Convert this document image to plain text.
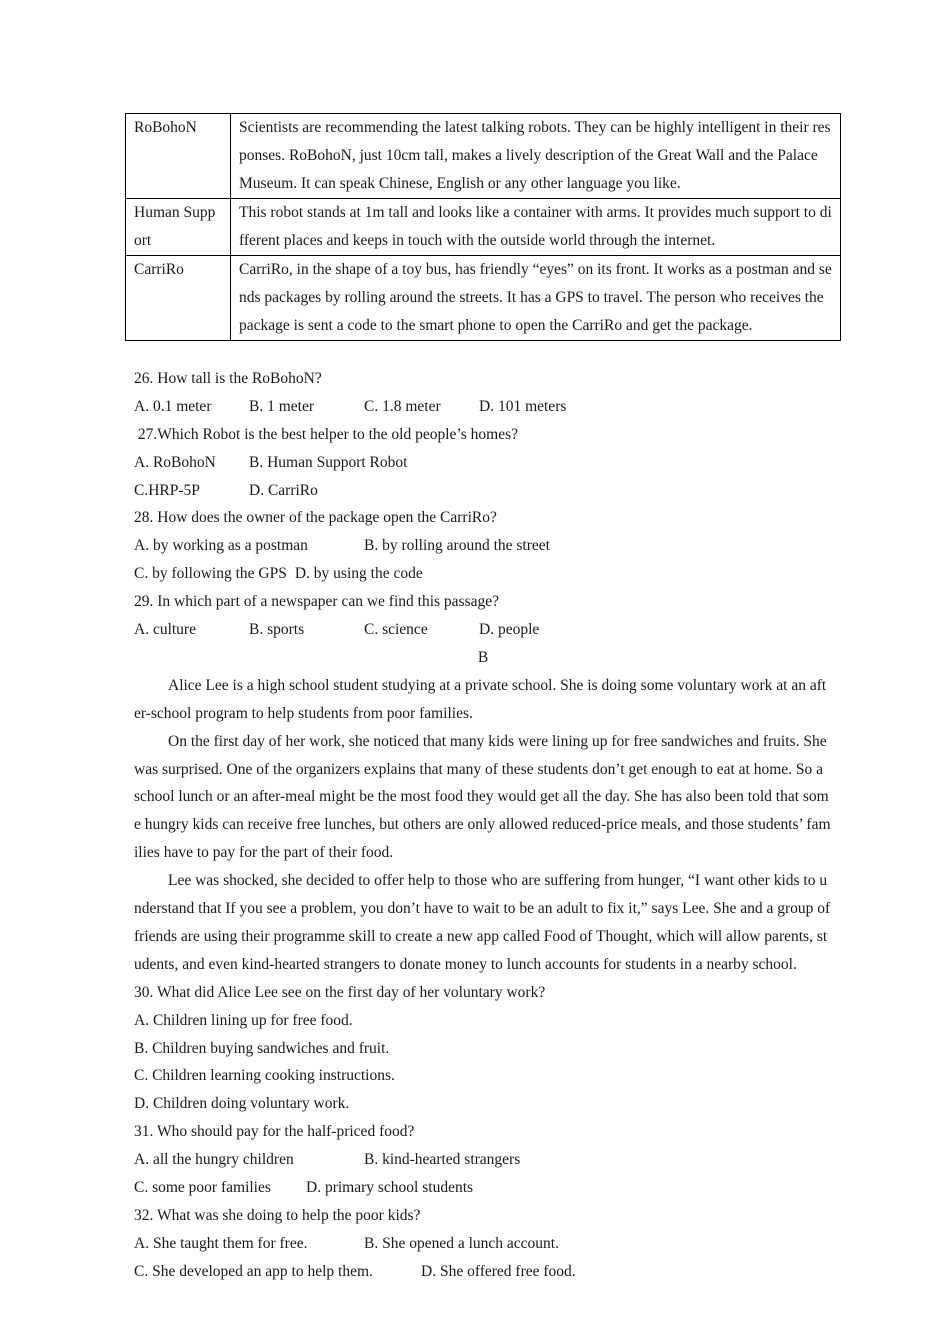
RoBohoN	Scientists are recommending the latest talking robots. They can be highly intelligent in their responses. RoBohoN, just 10cm tall, makes a lively description of the Great Wall and the Palace Museum. It can speak Chinese, English or any other language you like.
Human Support	This robot stands at 1m tall and looks like a container with arms. It provides much support to different places and keeps in touch with the outside world through the internet.
CarriRo	CarriRo, in the shape of a toy bus, has friendly “eyes” on its front. It works as a postman and sends packages by rolling around the streets. It has a GPS to travel. The person who receives the package is sent a code to the smart phone to open the CarriRo and get the package.
26. How tall is the RoBohoN?
A. 0.1 meter B. 1 meter	C. 1.8 meter D. 101 meters
27.Which Robot is the best helper to the old people’s homes?
A. RoBohoN B. Human Support Robot
C.HRP-5P	D. CarriRo
28. How does the owner of the package open the CarriRo?
A. by working as a postman	B. by rolling around the street
C. by following the GPS D. by using the code
29. In which part of a newspaper can we find this passage?
A. culture	B. sports	C. science	D. people
B
Alice Lee is a high school student studying at a private school. She is doing some voluntary work at an after-school program to help students from poor families.
On the first day of her work, she noticed that many kids were lining up for free sandwiches and fruits. She was surprised. One of the organizers explains that many of these students don’t get enough to eat at home. So a school lunch or an after-meal might be the most food they would get all the day. She has also been told that some hungry kids can receive free lunches, but others are only allowed reduced-price meals, and those students’ families have to pay for the part of their food.
Lee was shocked, she decided to offer help to those who are suffering from hunger, “I want other kids to understand that If you see a problem, you don’t have to wait to be an adult to fix it,” says Lee. She and a group of friends are using their programme skill to create a new app called Food of Thought, which will allow parents, students, and even kind-hearted strangers to donate money to lunch accounts for students in a nearby school.
30. What did Alice Lee see on the first day of her voluntary work?
A. Children lining up for free food.
B. Children buying sandwiches and fruit.
C. Children learning cooking instructions.
D. Children doing voluntary work.
31. Who should pay for the half-priced food?
A. all the hungry children	B. kind-hearted strangers
C. some poor families D. primary school students
32. What was she doing to help the poor kids?
A. She taught them for free.	B. She opened a lunch account.
C. She developed an app to help them.	D. She offered free food.
